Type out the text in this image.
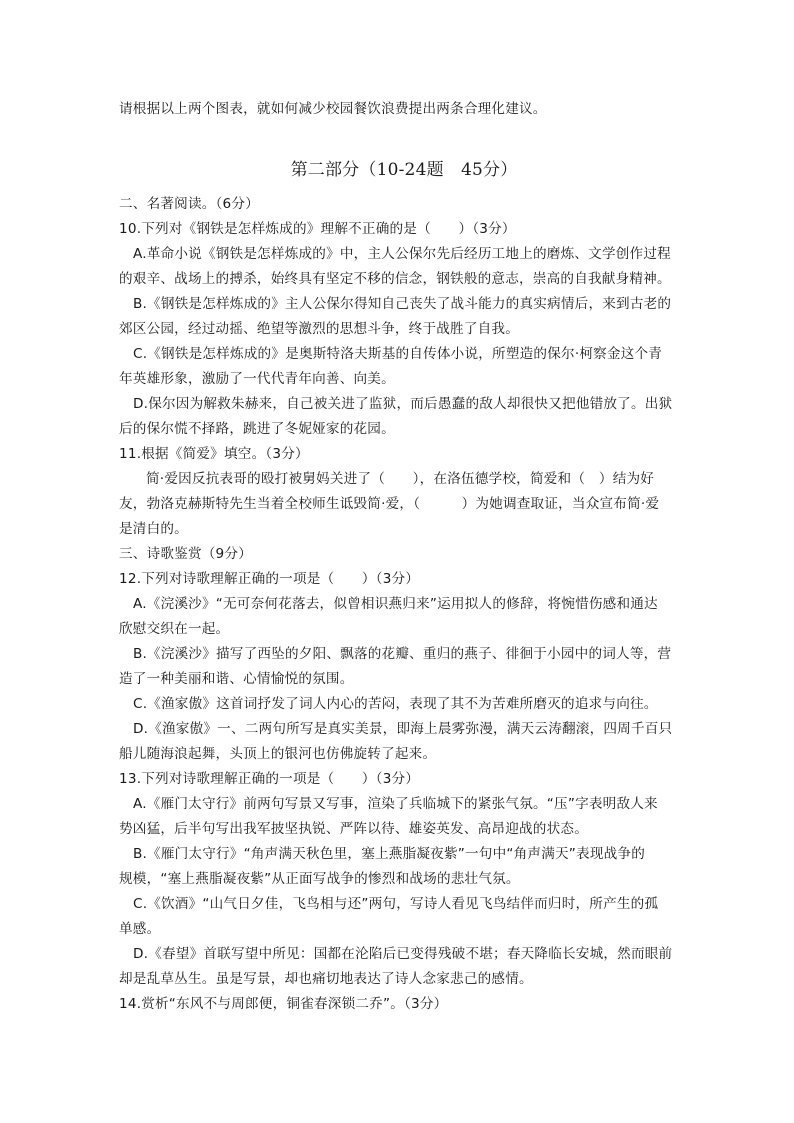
请根据以上两个图表，就如何减少校园餐饮浪费提出两条合理化建议。

第二部分（10-24题　45分）

二、名著阅读。（6分）

10.下列对《钢铁是怎样炼成的》理解不正确的是（　　）（3分）

A.革命小说《钢铁是怎样炼成的》中，主人公保尔先后经历工地上的磨炼、文学创作过程

的艰辛、战场上的搏杀，始终具有坚定不移的信念，钢铁般的意志，崇高的自我献身精神。

B.《钢铁是怎样炼成的》主人公保尔得知自己丧失了战斗能力的真实病情后，来到古老的

郊区公园，经过动摇、绝望等激烈的思想斗争，终于战胜了自我。

C.《钢铁是怎样炼成的》是奥斯特洛夫斯基的自传体小说，所塑造的保尔·柯察金这个青

年英雄形象，激励了一代代青年向善、向美。

D.保尔因为解救朱赫来，自己被关进了监狱，而后愚蠢的敌人却很快又把他错放了。出狱

后的保尔慌不择路，跳进了冬妮娅家的花园。

11.根据《简爱》填空。（3分）

简·爱因反抗表哥的殴打被舅妈关进了（　　），在洛伍德学校，简爱和（　）结为好

友，勃洛克赫斯特先生当着全校师生诋毁简·爱，（　　　）为她调查取证，当众宣布简·爱

是清白的。

三、诗歌鉴赏（9分）

12.下列对诗歌理解正确的一项是（　　）（3分）

A.《浣溪沙》“无可奈何花落去，似曾相识燕归来”运用拟人的修辞，将惋惜伤感和通达

欣慰交织在一起。

B.《浣溪沙》描写了西坠的夕阳、飘落的花瓣、重归的燕子、徘徊于小园中的词人等，营

造了一种美丽和谐、心情愉悦的氛围。

C.《渔家傲》这首词抒发了词人内心的苦闷，表现了其不为苦难所磨灭的追求与向往。

D.《渔家傲》一、二两句所写是真实美景，即海上晨雾弥漫，满天云涛翻滚，四周千百只

船儿随海浪起舞，头顶上的银河也仿佛旋转了起来。

13.下列对诗歌理解正确的一项是（　　）（3分）

A.《雁门太守行》前两句写景又写事，渲染了兵临城下的紧张气氛。“压”字表明敌人来

势凶猛，后半句写出我军披坚执锐、严阵以待、雄姿英发、高昂迎战的状态。

B.《雁门太守行》“角声满天秋色里，塞上燕脂凝夜紫”一句中“角声满天”表现战争的

规模，“塞上燕脂凝夜紫”从正面写战争的惨烈和战场的悲壮气氛。

C.《饮酒》“山气日夕佳，飞鸟相与还”两句，写诗人看见飞鸟结伴而归时，所产生的孤

单感。

D.《春望》首联写望中所见：国都在沦陷后已变得残破不堪；春天降临长安城，然而眼前

却是乱草丛生。虽是写景，却也痛切地表达了诗人念家悲己的感情。

14.赏析“东风不与周郎便，铜雀春深锁二乔”。（3分）
